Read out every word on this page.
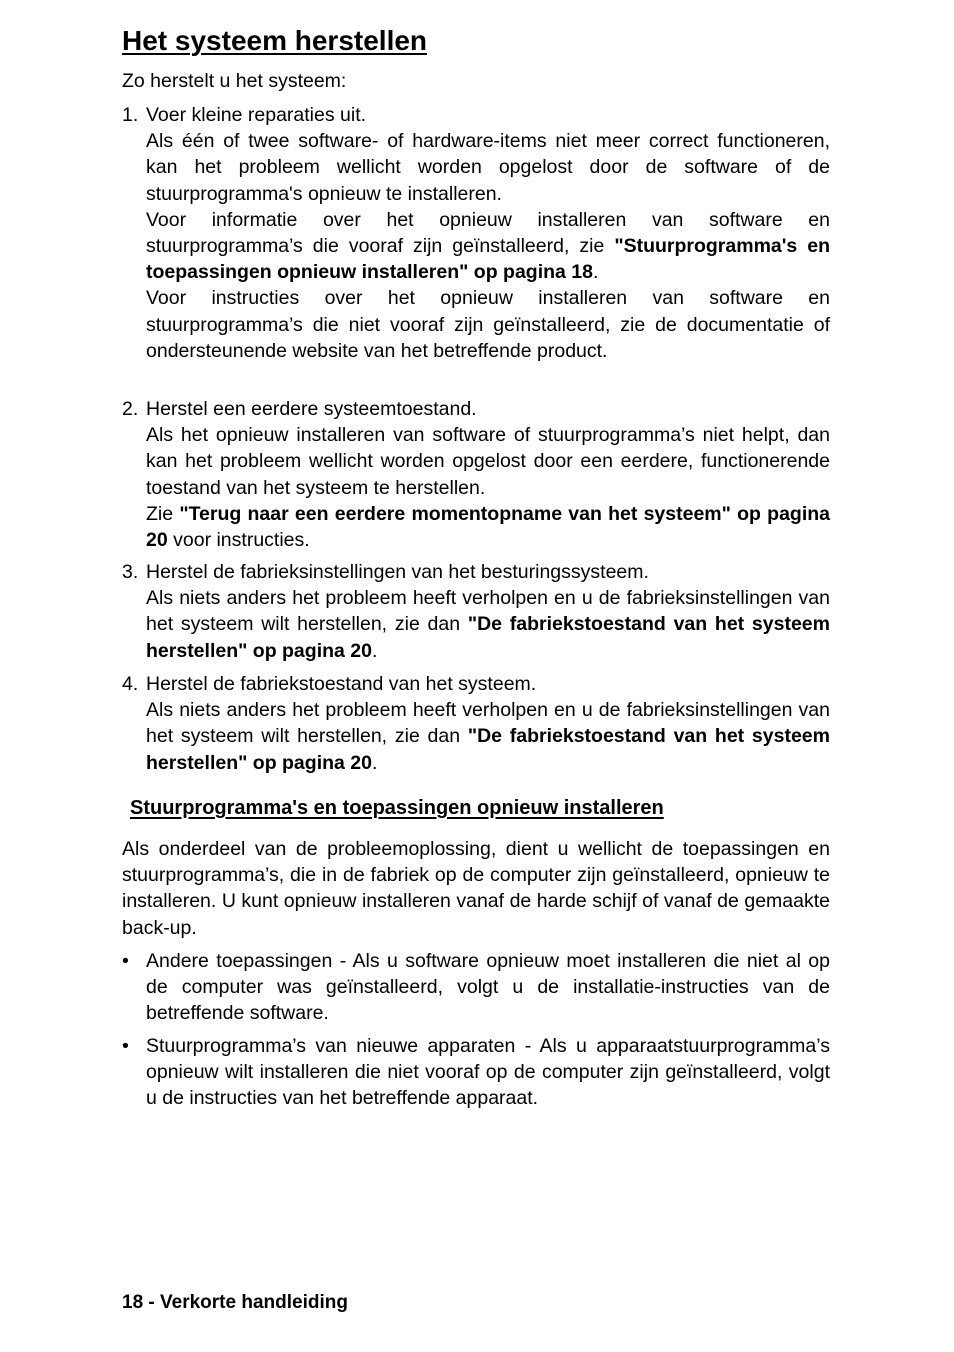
Het systeem herstellen

Zo herstelt u het systeem:

1. Voer kleine reparaties uit.

Als één of twee software- of hardware-items niet meer correct functioneren, kan het probleem wellicht worden opgelost door de software of de stuurprogramma's opnieuw te installeren.

Voor informatie over het opnieuw installeren van software en stuurprogramma’s die vooraf zijn geïnstalleerd, zie "Stuurprogramma's en toepassingen opnieuw installeren" op pagina 18.

Voor instructies over het opnieuw installeren van software en stuurprogramma’s die niet vooraf zijn geïnstalleerd, zie de documentatie of ondersteunende website van het betreffende product.

2. Herstel een eerdere systeemtoestand.

Als het opnieuw installeren van software of stuurprogramma’s niet helpt, dan kan het probleem wellicht worden opgelost door een eerdere, functionerende toestand van het systeem te herstellen.

Zie "Terug naar een eerdere momentopname van het systeem" op pagina 20 voor instructies.

3. Herstel de fabrieksinstellingen van het besturingssysteem.

Als niets anders het probleem heeft verholpen en u de fabrieksinstellingen van het systeem wilt herstellen, zie dan "De fabriekstoestand van het systeem herstellen" op pagina 20.

4. Herstel de fabriekstoestand van het systeem.

Als niets anders het probleem heeft verholpen en u de fabrieksinstellingen van het systeem wilt herstellen, zie dan "De fabriekstoestand van het systeem herstellen" op pagina 20.

Stuurprogramma's en toepassingen opnieuw installeren

Als onderdeel van de probleemoplossing, dient u wellicht de toepassingen en stuurprogramma’s, die in de fabriek op de computer zijn geïnstalleerd, opnieuw te installeren. U kunt opnieuw installeren vanaf de harde schijf of vanaf de gemaakte back-up.

• Andere toepassingen - Als u software opnieuw moet installeren die niet al op de computer was geïnstalleerd, volgt u de installatie-instructies van de betreffende software.

• Stuurprogramma’s van nieuwe apparaten - Als u apparaatstuurprogramma’s opnieuw wilt installeren die niet vooraf op de computer zijn geïnstalleerd, volgt u de instructies van het betreffende apparaat.

18 - Verkorte handleiding
